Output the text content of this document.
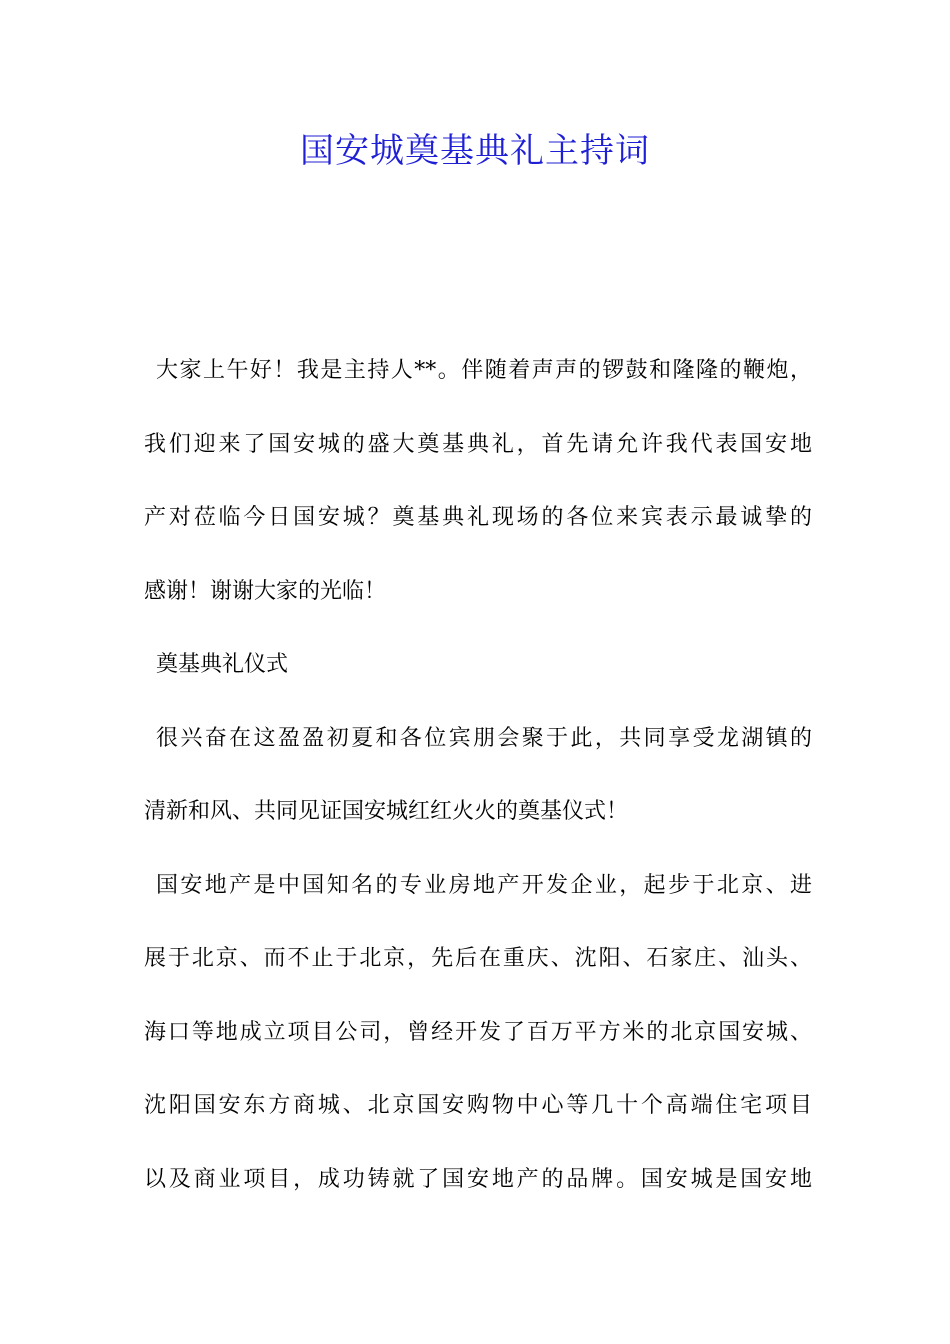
国安城奠基典礼主持词
大家上午好！我是主持人**。伴随着声声的锣鼓和隆隆的鞭炮，
我们迎来了国安城的盛大奠基典礼，首先请允许我代表国安地
产对莅临今日国安城？奠基典礼现场的各位来宾表示最诚挚的
感谢！谢谢大家的光临！
奠基典礼仪式
很兴奋在这盈盈初夏和各位宾朋会聚于此，共同享受龙湖镇的
清新和风、共同见证国安城红红火火的奠基仪式！
国安地产是中国知名的专业房地产开发企业，起步于北京、进
展于北京、而不止于北京，先后在重庆、沈阳、石家庄、汕头、
海口等地成立项目公司，曾经开发了百万平方米的北京国安城、
沈阳国安东方商城、北京国安购物中心等几十个高端住宅项目
以及商业项目，成功铸就了国安地产的品牌。国安城是国安地
